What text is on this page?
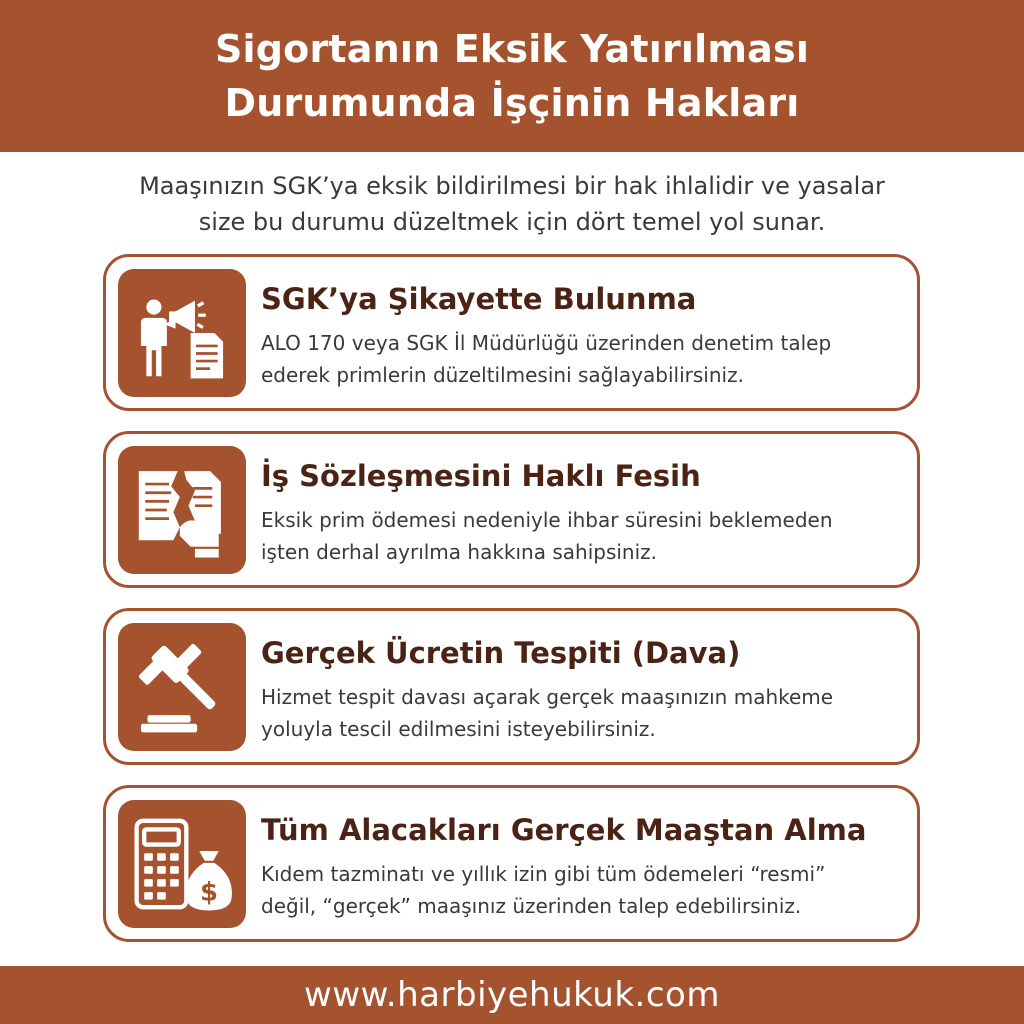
Sigortanın Eksik Yatırılması
Durumunda İşçinin Hakları
Maaşınızın SGK’ya eksik bildirilmesi bir hak ihlalidir ve yasalar
size bu durumu düzeltmek için dört temel yol sunar.
SGK’ya Şikayette Bulunma
ALO 170 veya SGK İl Müdürlüğü üzerinden denetim talep
ederek primlerin düzeltilmesini sağlayabilirsiniz.
İş Sözleşmesini Haklı Fesih
Eksik prim ödemesi nedeniyle ihbar süresini beklemeden
işten derhal ayrılma hakkına sahipsiniz.
Gerçek Ücretin Tespiti (Dava)
Hizmet tespit davası açarak gerçek maaşınızın mahkeme
yoluyla tescil edilmesini isteyebilirsiniz.
$
Tüm Alacakları Gerçek Maaştan Alma
Kıdem tazminatı ve yıllık izin gibi tüm ödemeleri “resmi”
değil, “gerçek” maaşınız üzerinden talep edebilirsiniz.
www.harbiyehukuk.com
